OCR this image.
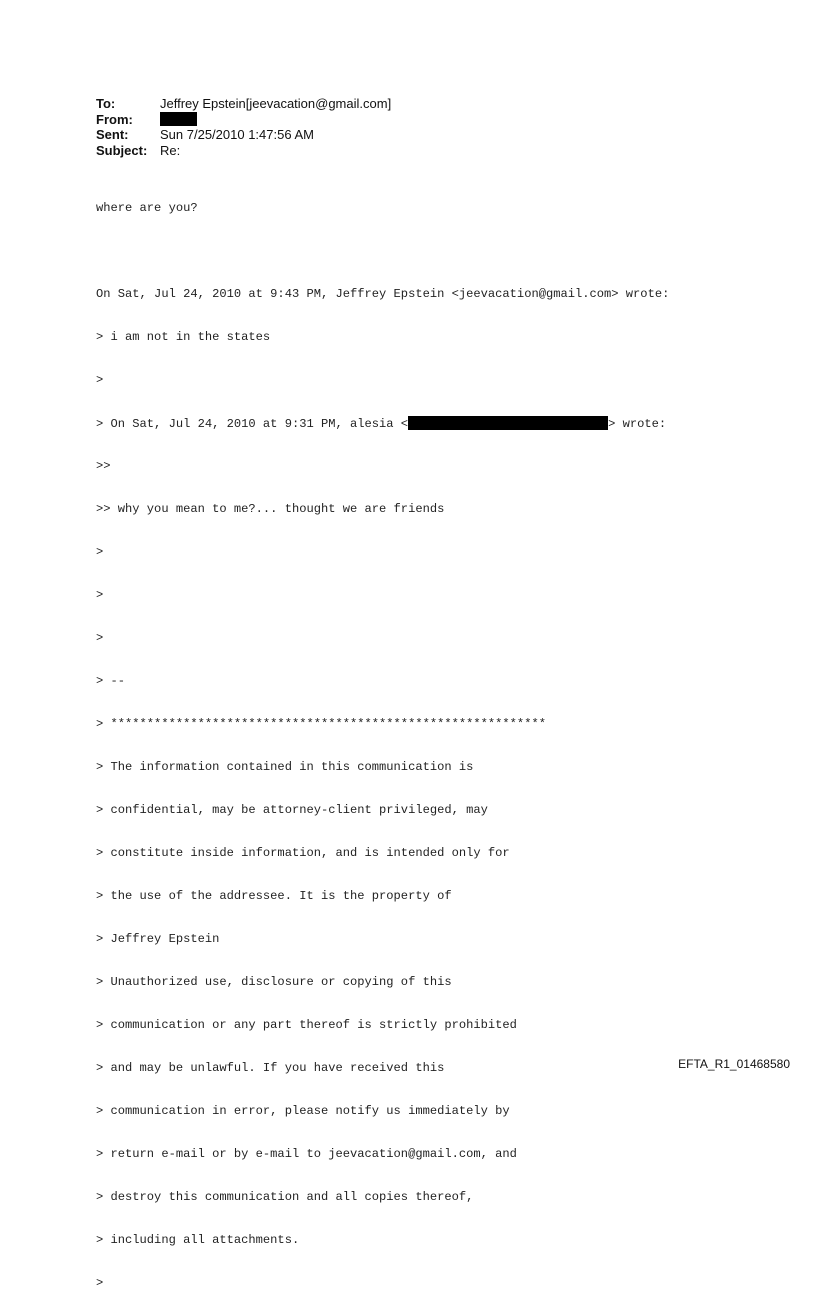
To:	Jeffrey Epstein[jeevacation@gmail.com]
From:
Sent:	Sun 7/25/2010 1:47:56 AM
Subject: Re:

where are you?

On Sat, Jul 24, 2010 at 9:43 PM, Jeffrey Epstein <jeevacation@gmail.com> wrote:

> i am not in the states

>

> On Sat, Jul 24, 2010 at 9:31 PM, alesia <	> wrote:

>>

>> why you mean to me?... thought we are friends

>

>

>

> --

> ************************************************************

> The information contained in this communication is

> confidential, may be attorney-client privileged, may

> constitute inside information, and is intended only for

> the use of the addressee. It is the property of

> Jeffrey Epstein

> Unauthorized use, disclosure or copying of this

> communication or any part thereof is strictly prohibited

> and may be unlawful. If you have received this

> communication in error, please notify us immediately by

> return e-mail or by e-mail to jeevacation@gmail.com, and

> destroy this communication and all copies thereof,

> including all attachments.

>

EFTA_R1_01468580
